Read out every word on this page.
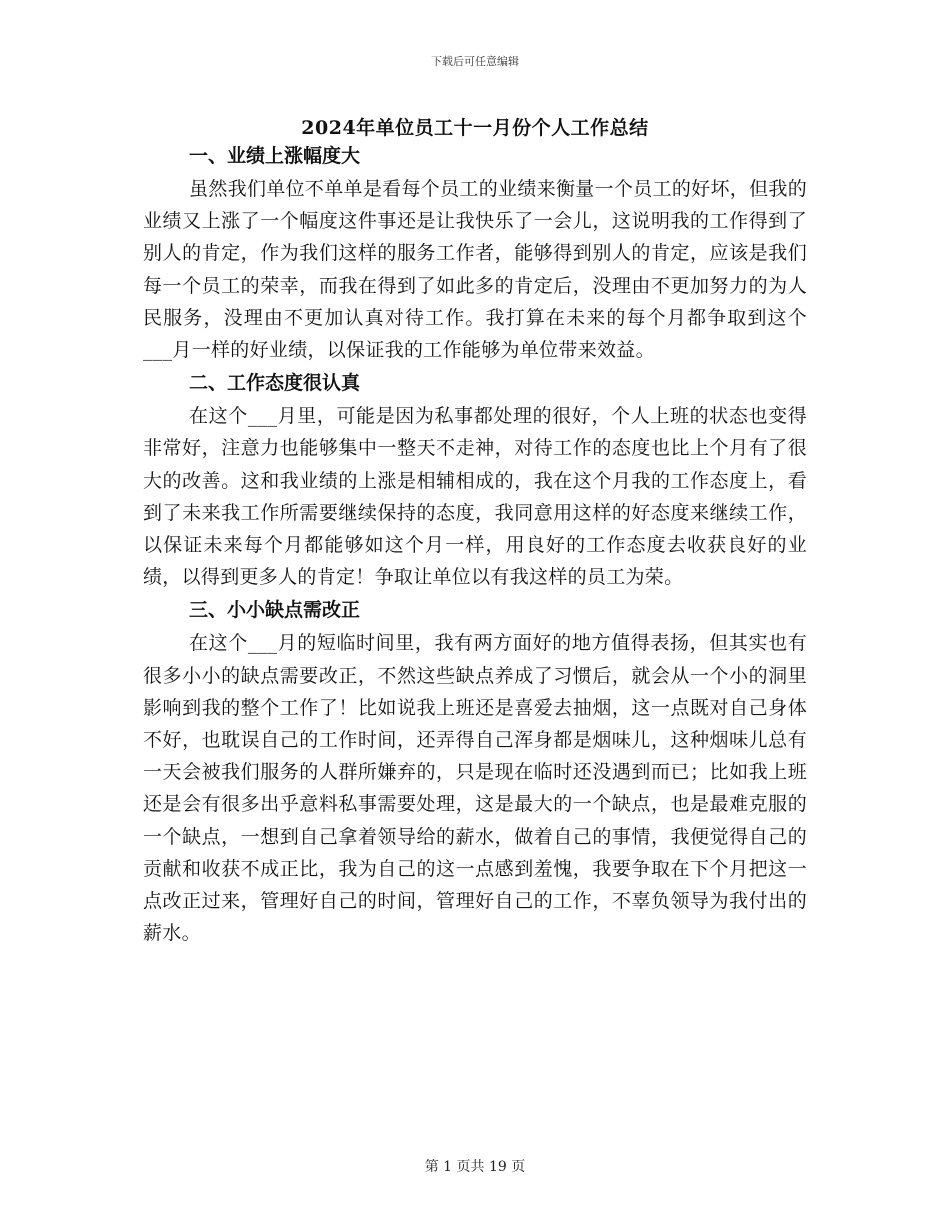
下载后可任意编辑
2024年单位员工十一月份个人工作总结

一、业绩上涨幅度大

虽然我们单位不单单是看每个员工的业绩来衡量一个员工的好坏，但我的业绩又上涨了一个幅度这件事还是让我快乐了一会儿，这说明我的工作得到了别人的肯定，作为我们这样的服务工作者，能够得到别人的肯定，应该是我们每一个员工的荣幸，而我在得到了如此多的肯定后，没理由不更加努力的为人民服务，没理由不更加认真对待工作。我打算在未来的每个月都争取到这个___月一样的好业绩，以保证我的工作能够为单位带来效益。

二、工作态度很认真

在这个___月里，可能是因为私事都处理的很好，个人上班的状态也变得非常好，注意力也能够集中一整天不走神，对待工作的态度也比上个月有了很大的改善。这和我业绩的上涨是相辅相成的，我在这个月我的工作态度上，看到了未来我工作所需要继续保持的态度，我同意用这样的好态度来继续工作，以保证未来每个月都能够如这个月一样，用良好的工作态度去收获良好的业绩，以得到更多人的肯定！争取让单位以有我这样的员工为荣。

三、小小缺点需改正

在这个___月的短临时间里，我有两方面好的地方值得表扬，但其实也有很多小小的缺点需要改正，不然这些缺点养成了习惯后，就会从一个小的洞里影响到我的整个工作了！比如说我上班还是喜爱去抽烟，这一点既对自己身体不好，也耽误自己的工作时间，还弄得自己浑身都是烟味儿，这种烟味儿总有一天会被我们服务的人群所嫌弃的，只是现在临时还没遇到而已；比如我上班还是会有很多出乎意料私事需要处理，这是最大的一个缺点，也是最难克服的一个缺点，一想到自己拿着领导给的薪水，做着自己的事情，我便觉得自己的贡献和收获不成正比，我为自己的这一点感到羞愧，我要争取在下个月把这一点改正过来，管理好自己的时间，管理好自己的工作，不辜负领导为我付出的薪水。

第 1 页共 19 页
